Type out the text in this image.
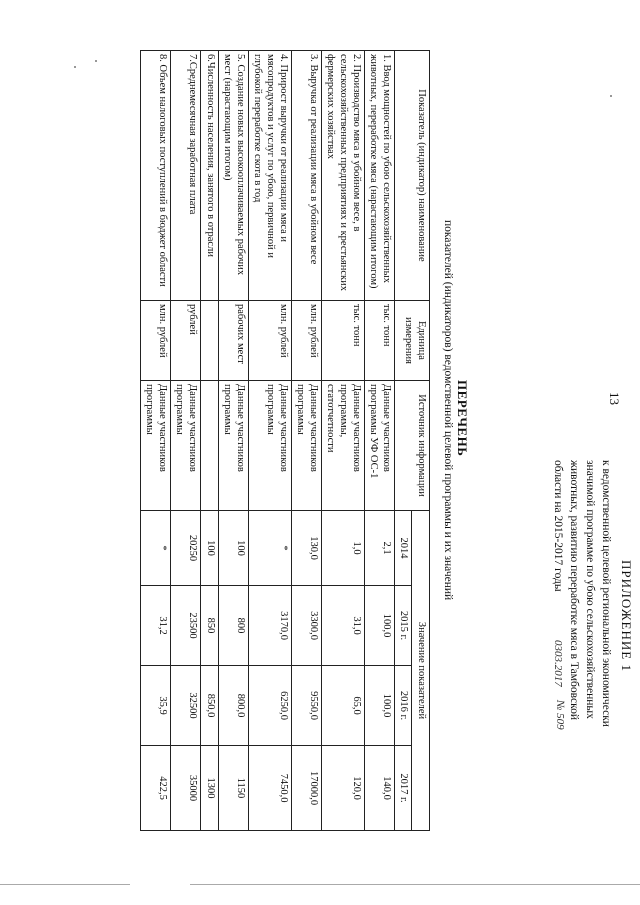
13
ПРИЛОЖЕНИЕ 1
к ведомственной целевой региональной экономически
значимой программе по убою сельскохозяйственных
животных, развитию переработке мяса в Тамбовской
области на 2015-2017 годы
0303.2017
№ 509
ПЕРЕЧЕНЬ
показателей (индикаторов) ведомственной целевой программы и их значений
Показатель (индикатор) наименование	Единица измерения	Источник информации	Значение показателей			
			2014	2015 г.	2016 г.	2017 г.
1. Ввод мощностей по убою сельскохозяйственных животных, переработке мяса (нарастающим итогом)	тыс. тонн	Данные участников программы УФ ОС-1	2,1	100,0	100,0	140,0
2. Производство мяса в убойном весе, в сельскохозяйственных предприятиях и крестьянских фермерских хозяйствах	тыс. тонн	Данные участников программы, статотчетности	1,0	31,0	65,0	120,0
3. Выручка от реализации мяса в убойном весе	млн. рублей	Данные участников программы	130,0	3300,0	9550,0	17000,0
4. Прирост выручки от реализации мяса и мясопродуктов и услуг по убою, первичной и глубокой переработке скота в год	млн. рублей	Данные участников программы	*	3170,0	6250,0	7450,0
5. Создание новых высокооплачиваемых рабочих мест (нарастающим итогом)	рабочих мест	Данные участников программы	100	800	800,0	1150
6.Численность населения, занятого в отрасли			100	850	850,0	1300
7.Среднемесячная заработная плата	рублей	Данные участников программы	20250	23500	32500	35000
8. Объем налоговых поступлений в бюджет области	млн. рублей	Данные участников программы	*	31,2	35,9	422,5
